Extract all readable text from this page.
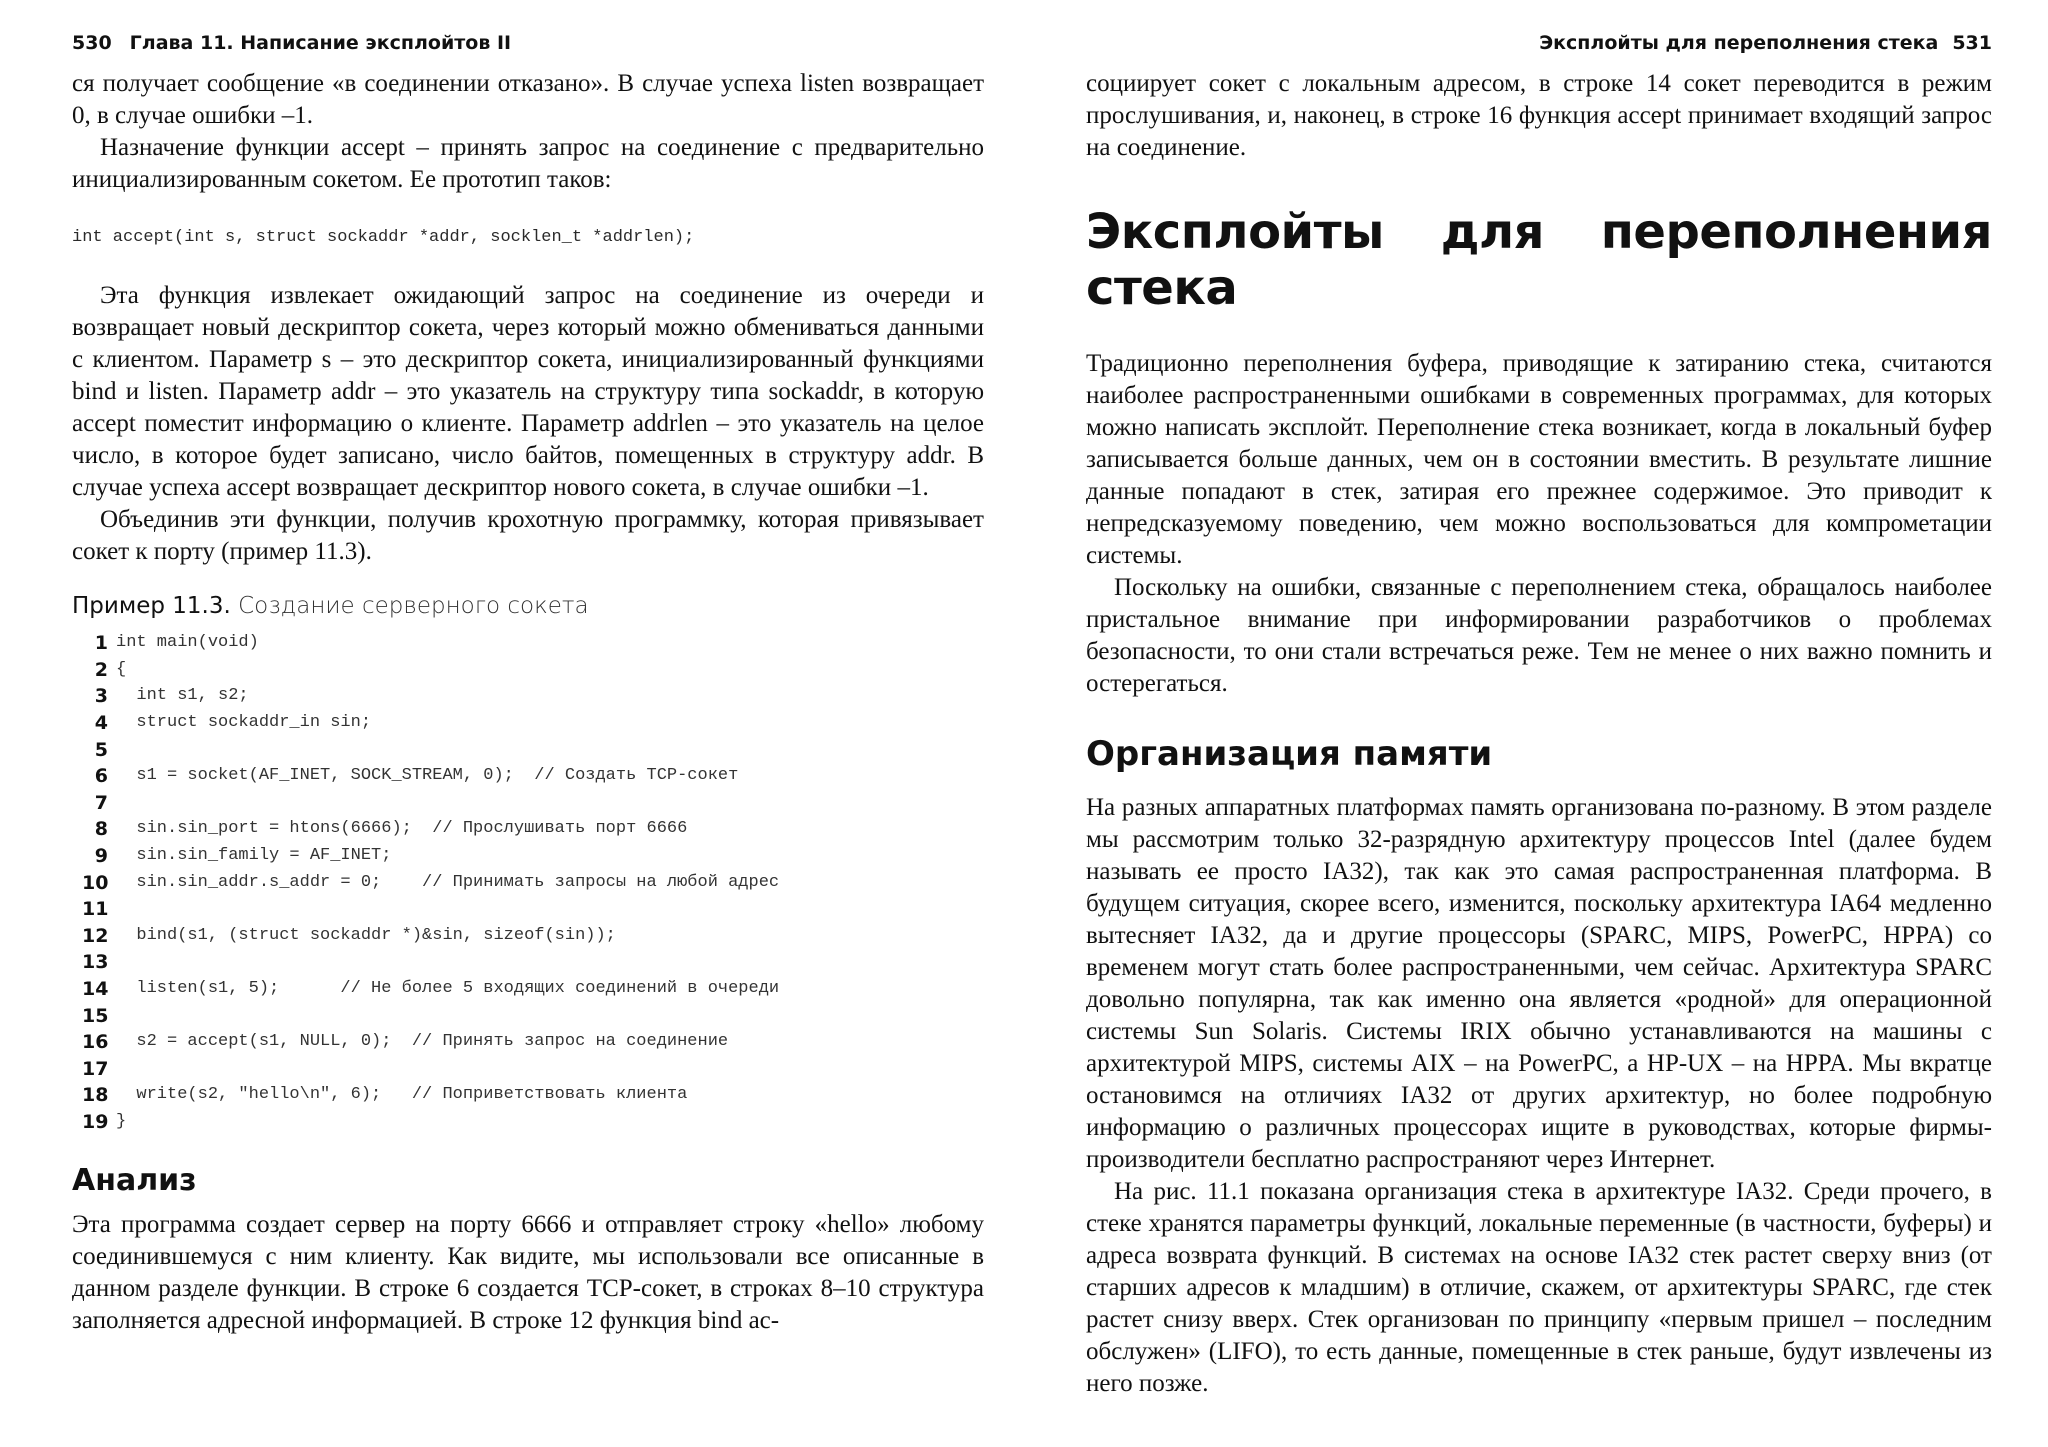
530 Глава 11. Написание эксплойтов II

ся получает сообщение «в соединении отказано». В случае успеха listen возвращает 0, в случае ошибки –1.

Назначение функции accept – принять запрос на соединение с предварительно инициализированным сокетом. Ее прототип таков:

int accept(int s, struct sockaddr *addr, socklen_t *addrlen);

Эта функция извлекает ожидающий запрос на соединение из очереди и возвращает новый дескриптор сокета, через который можно обмениваться данными с клиентом. Параметр s – это дескриптор сокета, инициализированный функциями bind и listen. Параметр addr – это указатель на структуру типа sockaddr, в которую accept поместит информацию о клиенте. Параметр addrlen – это указатель на целое число, в которое будет записано, число байтов, помещенных в структуру addr. В случае успеха accept возвращает дескриптор нового сокета, в случае ошибки –1.

Объединив эти функции, получив крохотную программку, которая привязывает сокет к порту (пример 11.3).

Пример 11.3. Создание серверного сокета
1 int main(void)
2 {
3 int s1, s2;
4 struct sockaddr_in sin;
5
6 s1 = socket(AF_INET, SOCK_STREAM, 0);  // Создать TCP-сокет
7
8 sin.sin_port = htons(6666);  // Прослушивать порт 6666
9 sin.sin_family = AF_INET;
10 sin.sin_addr.s_addr = 0;    // Принимать запросы на любой адрес
11
12 bind(s1, (struct sockaddr *)&sin, sizeof(sin));
13
14 listen(s1, 5);      // Не более 5 входящих соединений в очереди
15
16 s2 = accept(s1, NULL, 0);  // Принять запрос на соединение
17
18 write(s2, "hello\n", 6);   // Поприветствовать клиента
19 }
Анализ

Эта программа создает сервер на порту 6666 и отправляет строку «hello» любому соединившемуся с ним клиенту. Как видите, мы использовали все описанные в данном разделе функции. В строке 6 создается TCP-сокет, в строках 8–10 структура заполняется адресной информацией. В строке 12 функция bind ас-

Эксплойты для переполнения стека 531

социирует сокет с локальным адресом, в строке 14 сокет переводится в режим прослушивания, и, наконец, в строке 16 функция accept принимает входящий запрос на соединение.

Эксплойты для переполнения стека

Традиционно переполнения буфера, приводящие к затиранию стека, считаются наиболее распространенными ошибками в современных программах, для которых можно написать эксплойт. Переполнение стека возникает, когда в локальный буфер записывается больше данных, чем он в состоянии вместить. В результате лишние данные попадают в стек, затирая его прежнее содержимое. Это приводит к непредсказуемому поведению, чем можно воспользоваться для компрометации системы.

Поскольку на ошибки, связанные с переполнением стека, обращалось наиболее пристальное внимание при информировании разработчиков о проблемах безопасности, то они стали встречаться реже. Тем не менее о них важно помнить и остерегаться.

Организация памяти

На разных аппаратных платформах память организована по-разному. В этом разделе мы рассмотрим только 32-разрядную архитектуру процессов Intel (далее будем называть ее просто IA32), так как это самая распространенная платформа. В будущем ситуация, скорее всего, изменится, поскольку архитектура IA64 медленно вытесняет IA32, да и другие процессоры (SPARC, MIPS, PowerPC, HPPA) со временем могут стать более распространенными, чем сейчас. Архитектура SPARC довольно популярна, так как именно она является «родной» для операционной системы Sun Solaris. Системы IRIX обычно устанавливаются на машины с архитектурой MIPS, системы AIX – на PowerPC, а HP-UX – на HPPA. Мы вкратце остановимся на отличиях IA32 от других архитектур, но более подробную информацию о различных процессорах ищите в руководствах, которые фирмы-производители бесплатно распространяют через Интернет.

На рис. 11.1 показана организация стека в архитектуре IA32. Среди прочего, в стеке хранятся параметры функций, локальные переменные (в частности, буферы) и адреса возврата функций. В системах на основе IA32 стек растет сверху вниз (от старших адресов к младшим) в отличие, скажем, от архитектуры SPARC, где стек растет снизу вверх. Стек организован по принципу «первым пришел – последним обслужен» (LIFO), то есть данные, помещенные в стек раньше, будут извлечены из него позже.
